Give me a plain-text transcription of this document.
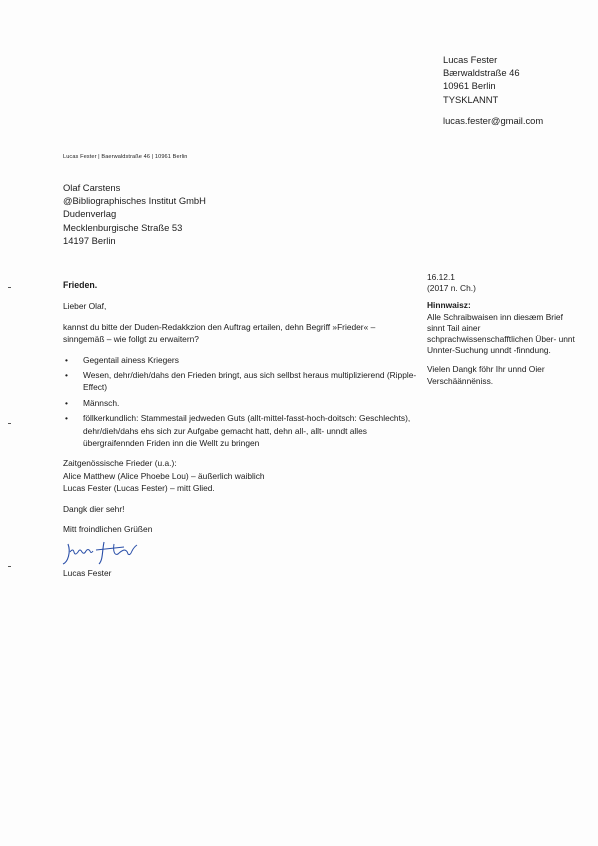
Lucas Fester
Bærwaldstraße 46
10961 Berlin
TYSKLANNT
lucas.fester@gmail.com
Lucas Fester | Baerwaldstraße 46 | 10961 Berlin
Olaf Carstens
@Bibliographisches Institut GmbH
Dudenverlag
Mecklenburgische Straße 53
14197 Berlin
16.12.1
(2017 n. Ch.)
Hinnwaisz:
Alle Schraibwaisen inn diesæm Brief sinnt Tail ainer schprachwissenschafftlichen Über- unnt Unnter-Suchung unndt -finndung.
Vielen Dangk föhr Ihr unnd Oier Verschäännëniss.
Frieden.

Lieber Olaf,

kannst du bitte der Duden-Redakkzion den Auftrag ertailen, dehn Begriff »Frieder« – sinngemäß – wie follgt zu erwaitern?

• Gegentail ainess Kriegers
• Wesen, dehr/dieh/dahs den Frieden bringt, aus sich sellbst heraus multiplizierend (Ripple-Effect)
• Männsch.
• föllkerkundlich: Stammestail jedweden Guts (allt-mittel-fasst-hoch-doitsch: Geschlechts), dehr/dieh/dahs ehs sich zur Aufgabe gemacht hatt, dehn all-, allt- unndt alles übergraifennden Friden inn die Wellt zu bringen

Zaitgenössische Frieder (u.a.):
Alice Matthew (Alice Phoebe Lou) – äußerlich waiblich
Lucas Fester (Lucas Fester) – mitt Glied.

Dangk dier sehr!

Mitt froindlichen Grüßen
Lucas Fester
